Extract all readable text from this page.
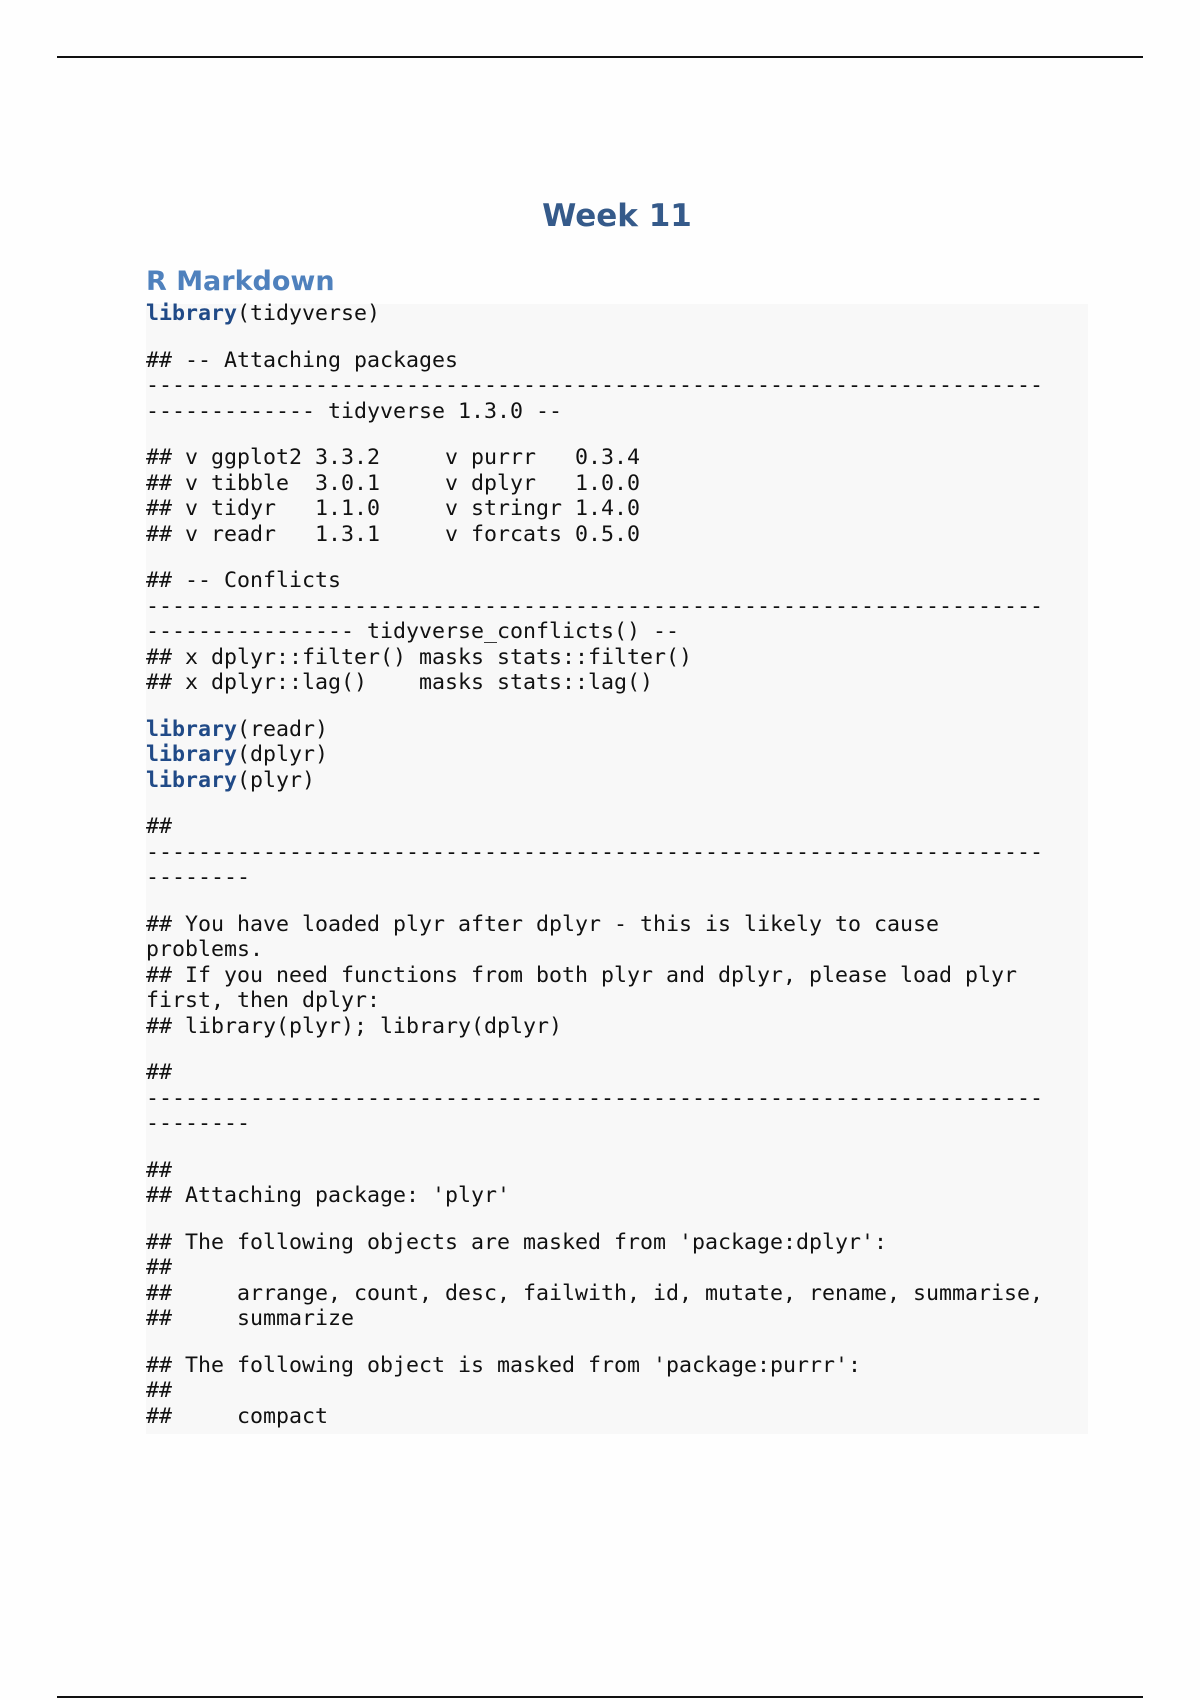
Week 11
R Markdown
library(tidyverse)
## -- Attaching packages
---------------------------------------------------------------------
------------- tidyverse 1.3.0 --
## v ggplot2 3.3.2     v purrr   0.3.4
## v tibble  3.0.1     v dplyr   1.0.0
## v tidyr   1.1.0     v stringr 1.4.0
## v readr   1.3.1     v forcats 0.5.0
## -- Conflicts
---------------------------------------------------------------------
---------------- tidyverse_conflicts() --
## x dplyr::filter() masks stats::filter()
## x dplyr::lag()    masks stats::lag()
library(readr)
library(dplyr)
library(plyr)
##
---------------------------------------------------------------------
--------
## You have loaded plyr after dplyr - this is likely to cause
problems.
## If you need functions from both plyr and dplyr, please load plyr
first, then dplyr:
## library(plyr); library(dplyr)
##
---------------------------------------------------------------------
--------
##
## Attaching package: 'plyr'
## The following objects are masked from 'package:dplyr':
##
##     arrange, count, desc, failwith, id, mutate, rename, summarise,
##     summarize
## The following object is masked from 'package:purrr':
##
##     compact
